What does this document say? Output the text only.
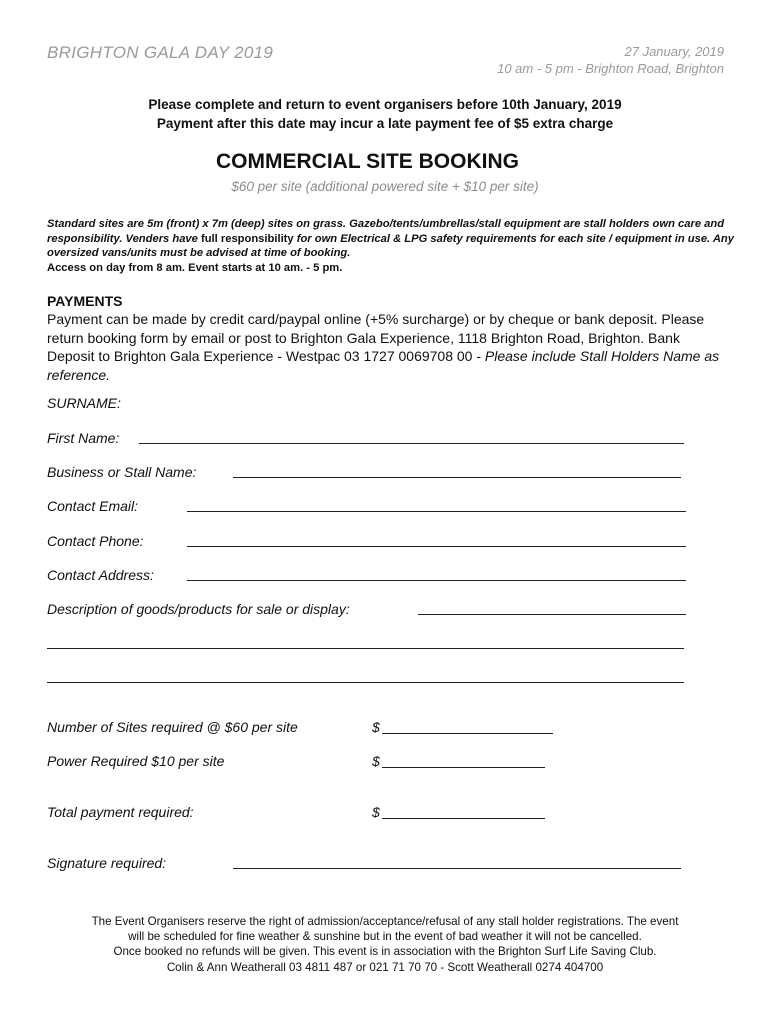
BRIGHTON GALA DAY 2019	27 January, 2019
10 am - 5 pm - Brighton Road, Brighton
Please complete and return to event organisers before 10th January, 2019
Payment after this date may incur a late payment fee of $5 extra charge
COMMERCIAL SITE BOOKING
$60 per site (additional powered site + $10 per site)
Standard sites are 5m (front) x 7m (deep) sites on grass. Gazebo/tents/umbrellas/stall equipment are stall holders own care and responsibility. Venders have full responsibility for own Electrical & LPG safety requirements for each site / equipment in use. Any oversized vans/units must be advised at time of booking.
Access on day from 8 am. Event starts at 10 am. - 5 pm.
PAYMENTS
Payment can be made by credit card/paypal online (+5% surcharge) or by cheque or bank deposit. Please return booking form by email or post to Brighton Gala Experience, 1118 Brighton Road, Brighton. Bank Deposit to Brighton Gala Experience - Westpac 03 1727 0069708 00 - Please include Stall Holders Name as reference.
SURNAME:
First Name:
Business or Stall Name:
Contact Email:
Contact Phone:
Contact Address:
Description of goods/products for sale or display:
Number of Sites required @ $60 per site	$
Power Required $10 per site	$
Total payment required:	$
Signature required:
The Event Organisers reserve the right of admission/acceptance/refusal of any stall holder registrations. The event
will be scheduled for fine weather & sunshine but in the event of bad weather it will not be cancelled.
Once booked no refunds will be given. This event is in association with the Brighton Surf Life Saving Club.
Colin & Ann Weatherall 03 4811 487 or 021 71 70 70 - Scott Weatherall 0274 404700
